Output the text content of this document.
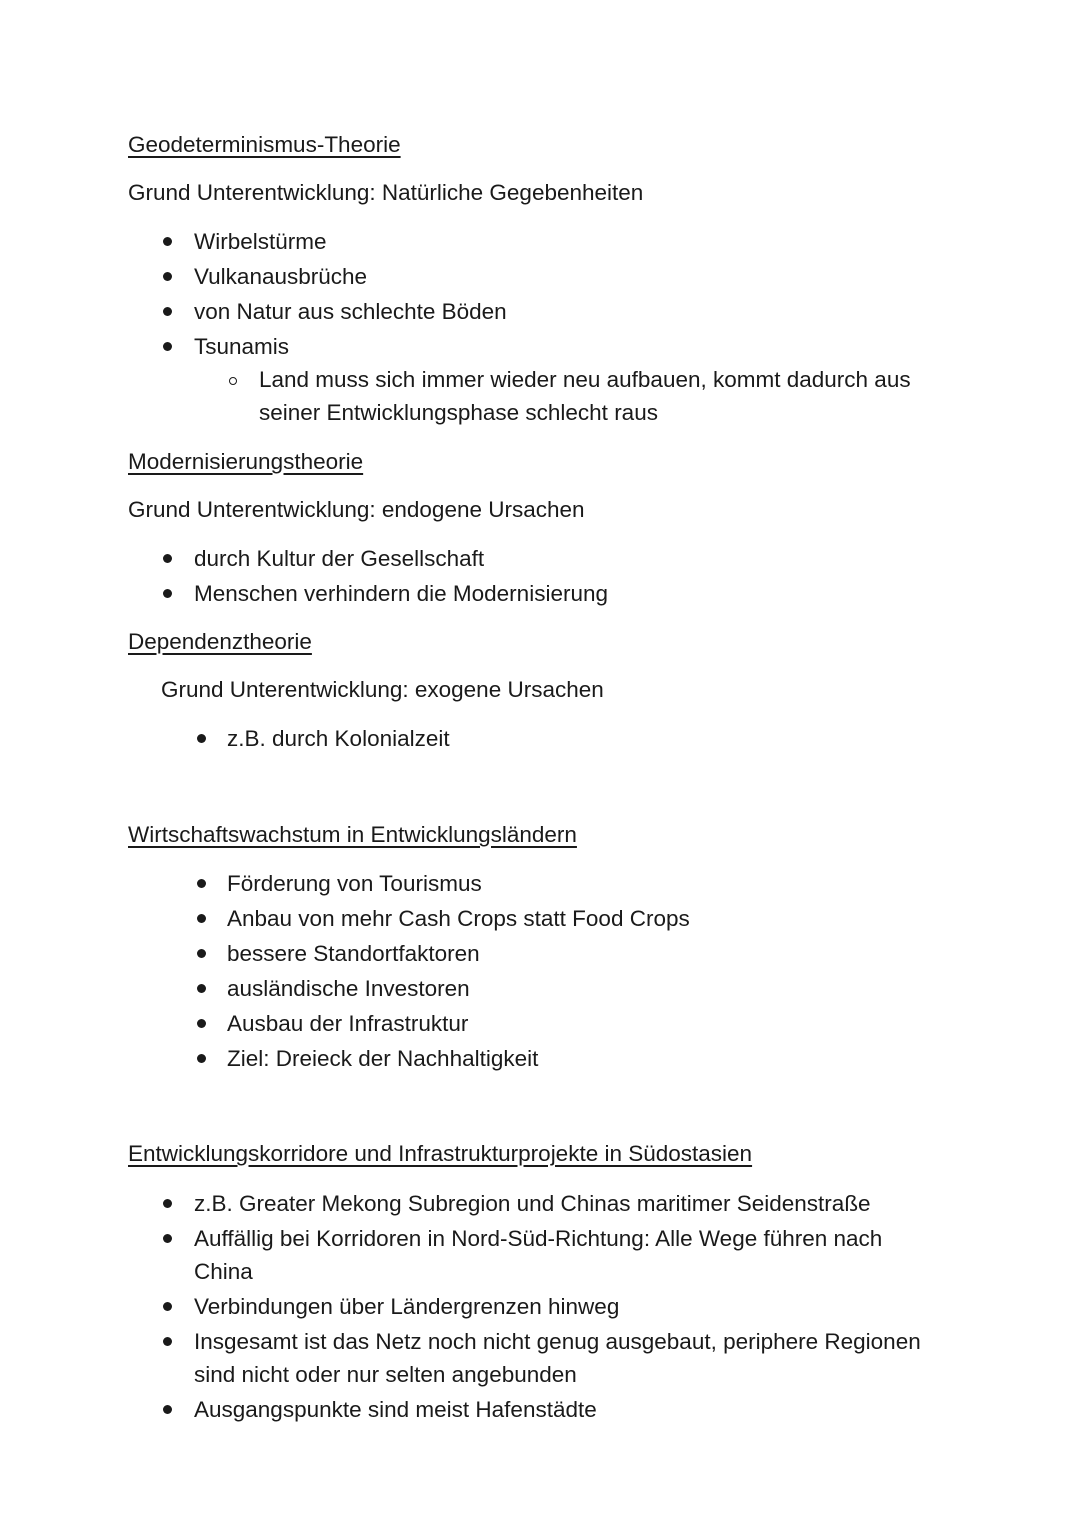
Geodeterminismus-Theorie
Grund Unterentwicklung: Natürliche Gegebenheiten
Wirbelstürme
Vulkanausbrüche
von Natur aus schlechte Böden
Tsunamis
Land muss sich immer wieder neu aufbauen, kommt dadurch aus
seiner Entwicklungsphase schlecht raus
Modernisierungstheorie
Grund Unterentwicklung: endogene Ursachen
durch Kultur der Gesellschaft
Menschen verhindern die Modernisierung
Dependenztheorie
Grund Unterentwicklung: exogene Ursachen
z.B. durch Kolonialzeit
Wirtschaftswachstum in Entwicklungsländern
Förderung von Tourismus
Anbau von mehr Cash Crops statt Food Crops
bessere Standortfaktoren
ausländische Investoren
Ausbau der Infrastruktur
Ziel: Dreieck der Nachhaltigkeit
Entwicklungskorridore und Infrastrukturprojekte in Südostasien
z.B. Greater Mekong Subregion und Chinas maritimer Seidenstraße
Auffällig bei Korridoren in Nord-Süd-Richtung: Alle Wege führen nach
China
Verbindungen über Ländergrenzen hinweg
Insgesamt ist das Netz noch nicht genug ausgebaut, periphere Regionen
sind nicht oder nur selten angebunden
Ausgangspunkte sind meist Hafenstädte
